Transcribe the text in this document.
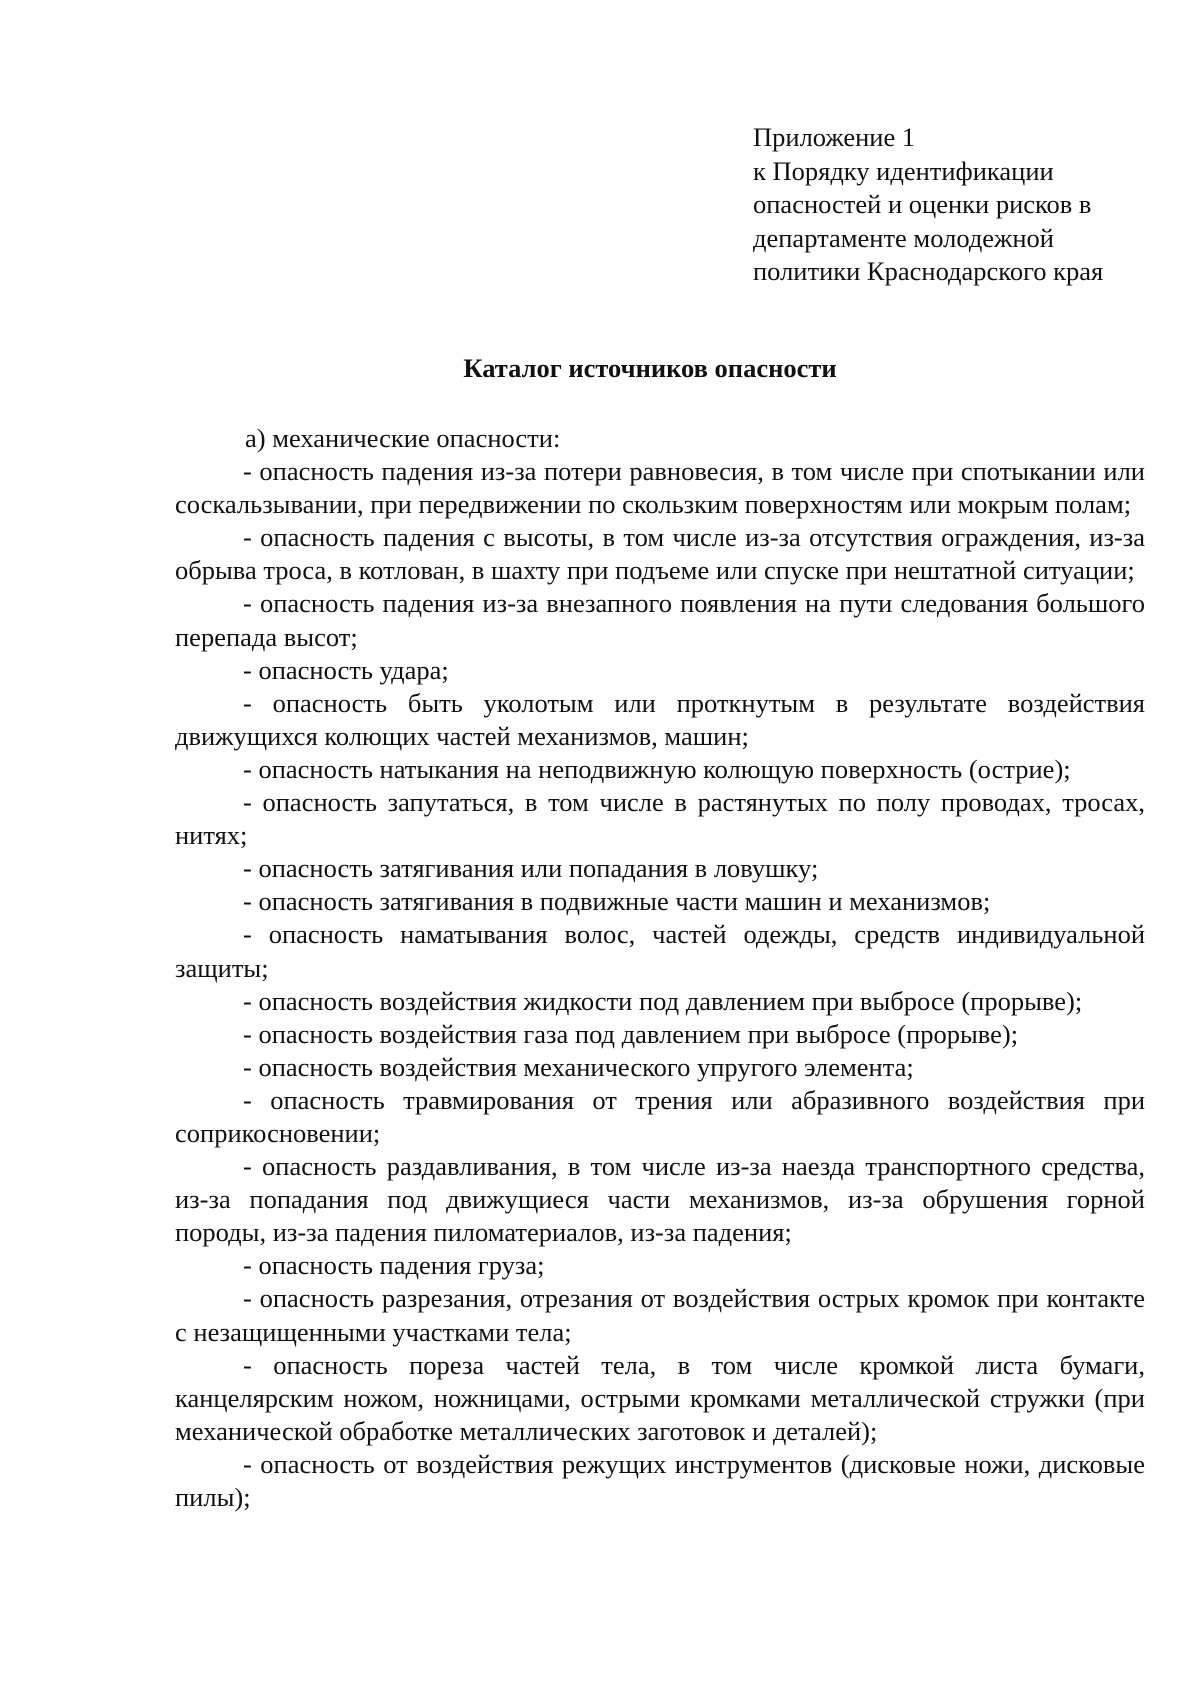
Приложение 1
к Порядку идентификации
опасностей и оценки рисков в
департаменте молодежной
политики Краснодарского края
Каталог источников опасности

а) механические опасности:

- опасность падения из-за потери равновесия, в том числе при спотыкании или соскальзывании, при передвижении по скользким поверхностям или мокрым полам;

- опасность падения с высоты, в том числе из-за отсутствия ограждения, из-за обрыва троса, в котлован, в шахту при подъеме или спуске при нештатной ситуации;

- опасность падения из-за внезапного появления на пути следования большого перепада высот;

- опасность удара;

- опасность быть уколотым или проткнутым в результате воздействия движущихся колющих частей механизмов, машин;

- опасность натыкания на неподвижную колющую поверхность (острие);

- опасность запутаться, в том числе в растянутых по полу проводах, тросах, нитях;

- опасность затягивания или попадания в ловушку;

- опасность затягивания в подвижные части машин и механизмов;

- опасность наматывания волос, частей одежды, средств индивидуальной защиты;

- опасность воздействия жидкости под давлением при выбросе (прорыве);

- опасность воздействия газа под давлением при выбросе (прорыве);

- опасность воздействия механического упругого элемента;

- опасность травмирования от трения или абразивного воздействия при соприкосновении;

- опасность раздавливания, в том числе из-за наезда транспортного средства, из-за попадания под движущиеся части механизмов, из-за обрушения горной породы, из-за падения пиломатериалов, из-за падения;

- опасность падения груза;

- опасность разрезания, отрезания от воздействия острых кромок при контакте с незащищенными участками тела;

- опасность пореза частей тела, в том числе кромкой листа бумаги, канцелярским ножом, ножницами, острыми кромками металлической стружки (при механической обработке металлических заготовок и деталей);

- опасность от воздействия режущих инструментов (дисковые ножи, дисковые пилы);
